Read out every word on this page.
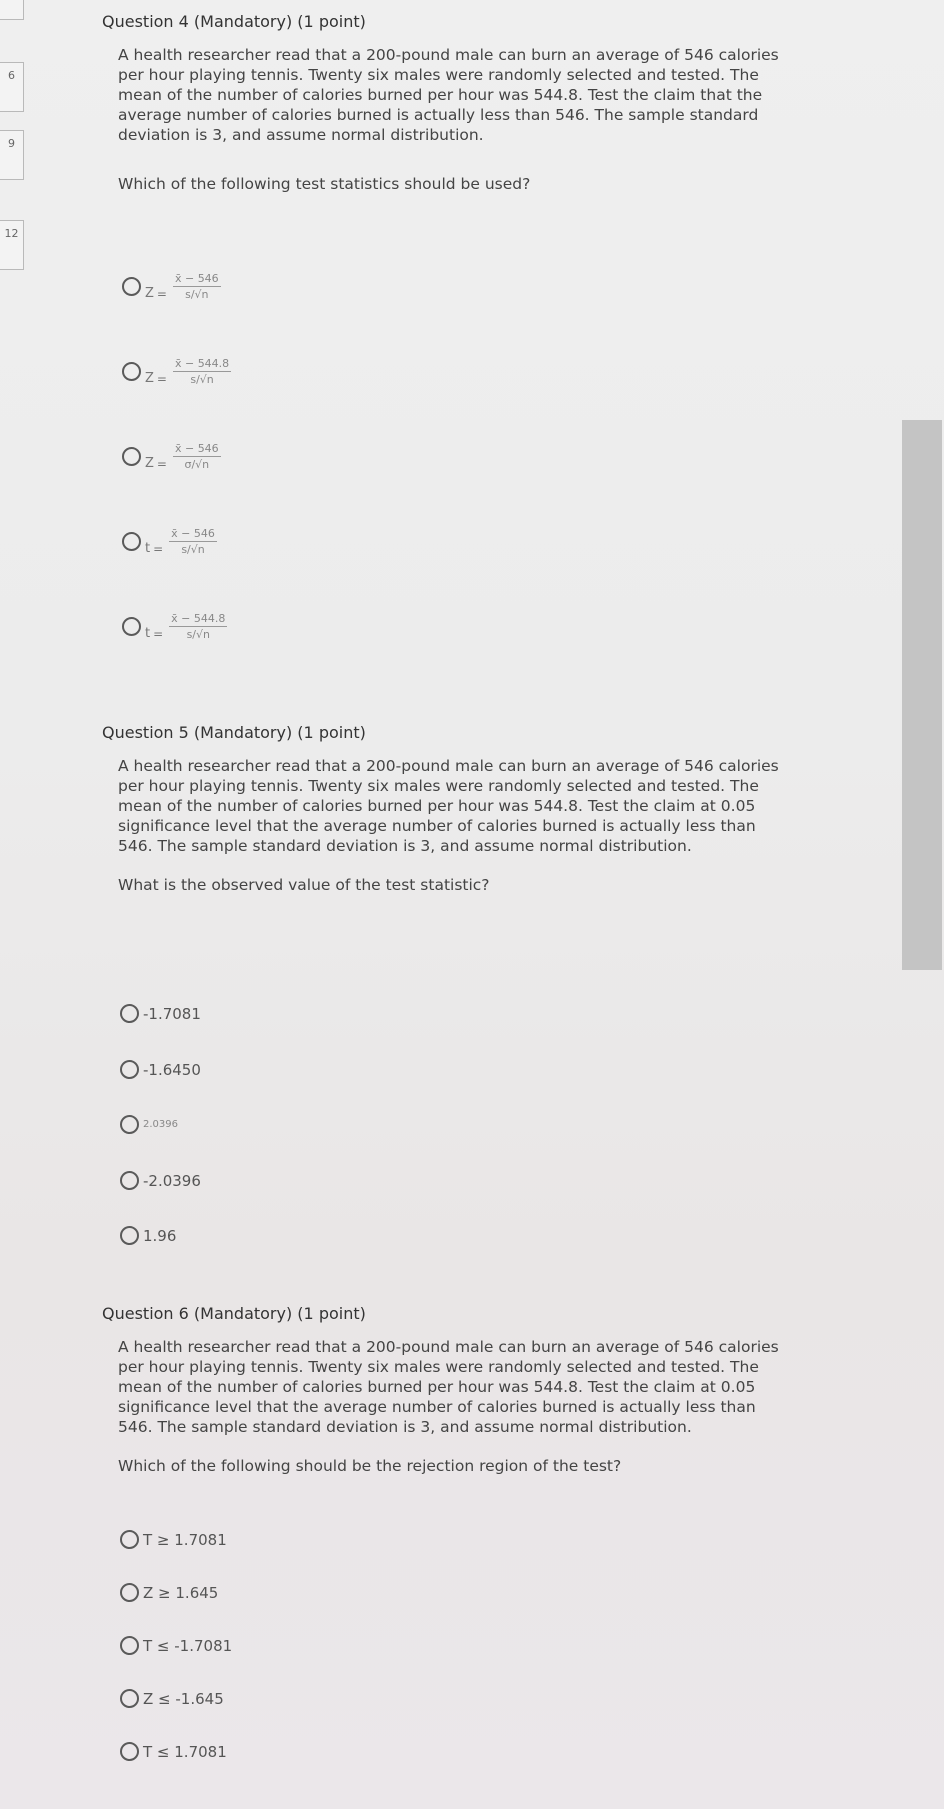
6
9
12
Question 4 (Mandatory) (1 point)
A health researcher read that a 200-pound male can burn an average of 546 calories per hour playing tennis. Twenty six males were randomly selected and tested. The mean of the number of calories burned per hour was 544.8. Test the claim that the average number of calories burned is actually less than 546. The sample standard deviation is 3, and assume normal distribution.
Which of the following test statistics should be used?
$Z = \frac{x̄ - 546}{s/√n}$
$Z = \frac{x̄ - 544.8}{s/√n}$
$Z = \frac{x̄ - 546}{\sigma/√n}$
$t = \frac{x̄ - 546}{s/√n}$
$t = \frac{x̄ - 544.8}{s/√n}$
Question 5 (Mandatory) (1 point)
A health researcher read that a 200-pound male can burn an average of 546 calories per hour playing tennis. Twenty six males were randomly selected and tested. The mean of the number of calories burned per hour was 544.8. Test the claim at 0.05 significance level that the average number of calories burned is actually less than 546. The sample standard deviation is 3, and assume normal distribution.
What is the observed value of the test statistic?
-1.7081
-1.6450
2.0396
-2.0396
1.96
Question 6 (Mandatory) (1 point)
A health researcher read that a 200-pound male can burn an average of 546 calories per hour playing tennis. Twenty six males were randomly selected and tested. The mean of the number of calories burned per hour was 544.8. Test the claim at 0.05 significance level that the average number of calories burned is actually less than 546. The sample standard deviation is 3, and assume normal distribution.
Which of the following should be the rejection region of the test?
T ≥ 1.7081
Z ≥ 1.645
T ≤ -1.7081
Z ≤ -1.645
T ≤ 1.7081
